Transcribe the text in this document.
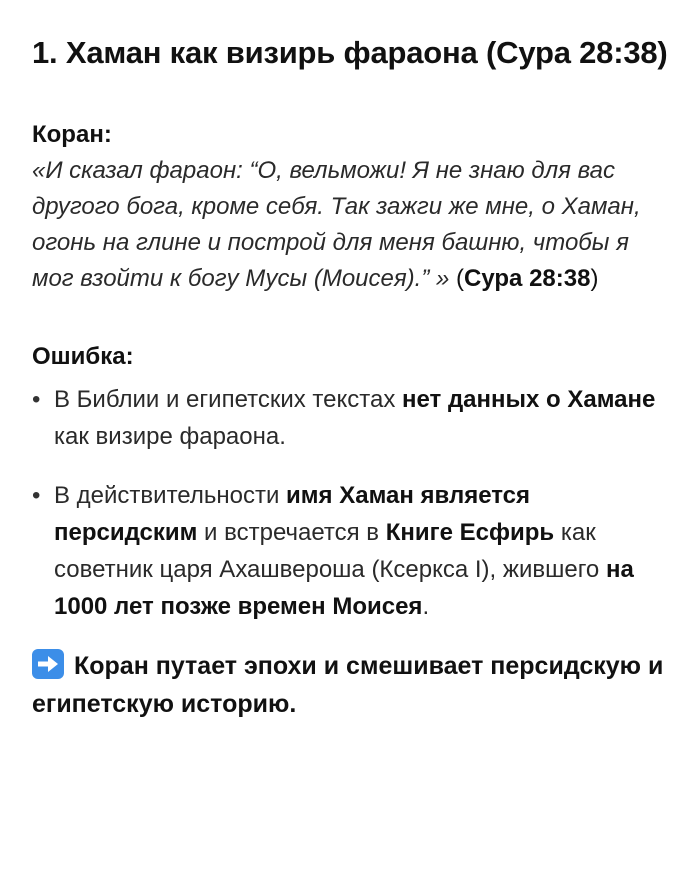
1. Хаман как визирь фараона (Сура 28:38)

Коран:

«И сказал фараон: “О, вельможи! Я не знаю для вас другого бога, кроме себя. Так зажги же мне, о Хаман, огонь на глине и построй для меня башню, чтобы я мог взойти к богу Мусы (Моисея).” » (Сура 28:38)

Ошибка:

• В Библии и египетских текстах нет данных о Хамане как визире фараона.
• В действительности имя Хаман является персидским и встречается в Книге Есфирь как советник царя Ахашвероша (Ксеркса I), жившего на 1000 лет позже времен Моисея.
Коран путает эпохи и смешивает персидскую и египетскую историю.
